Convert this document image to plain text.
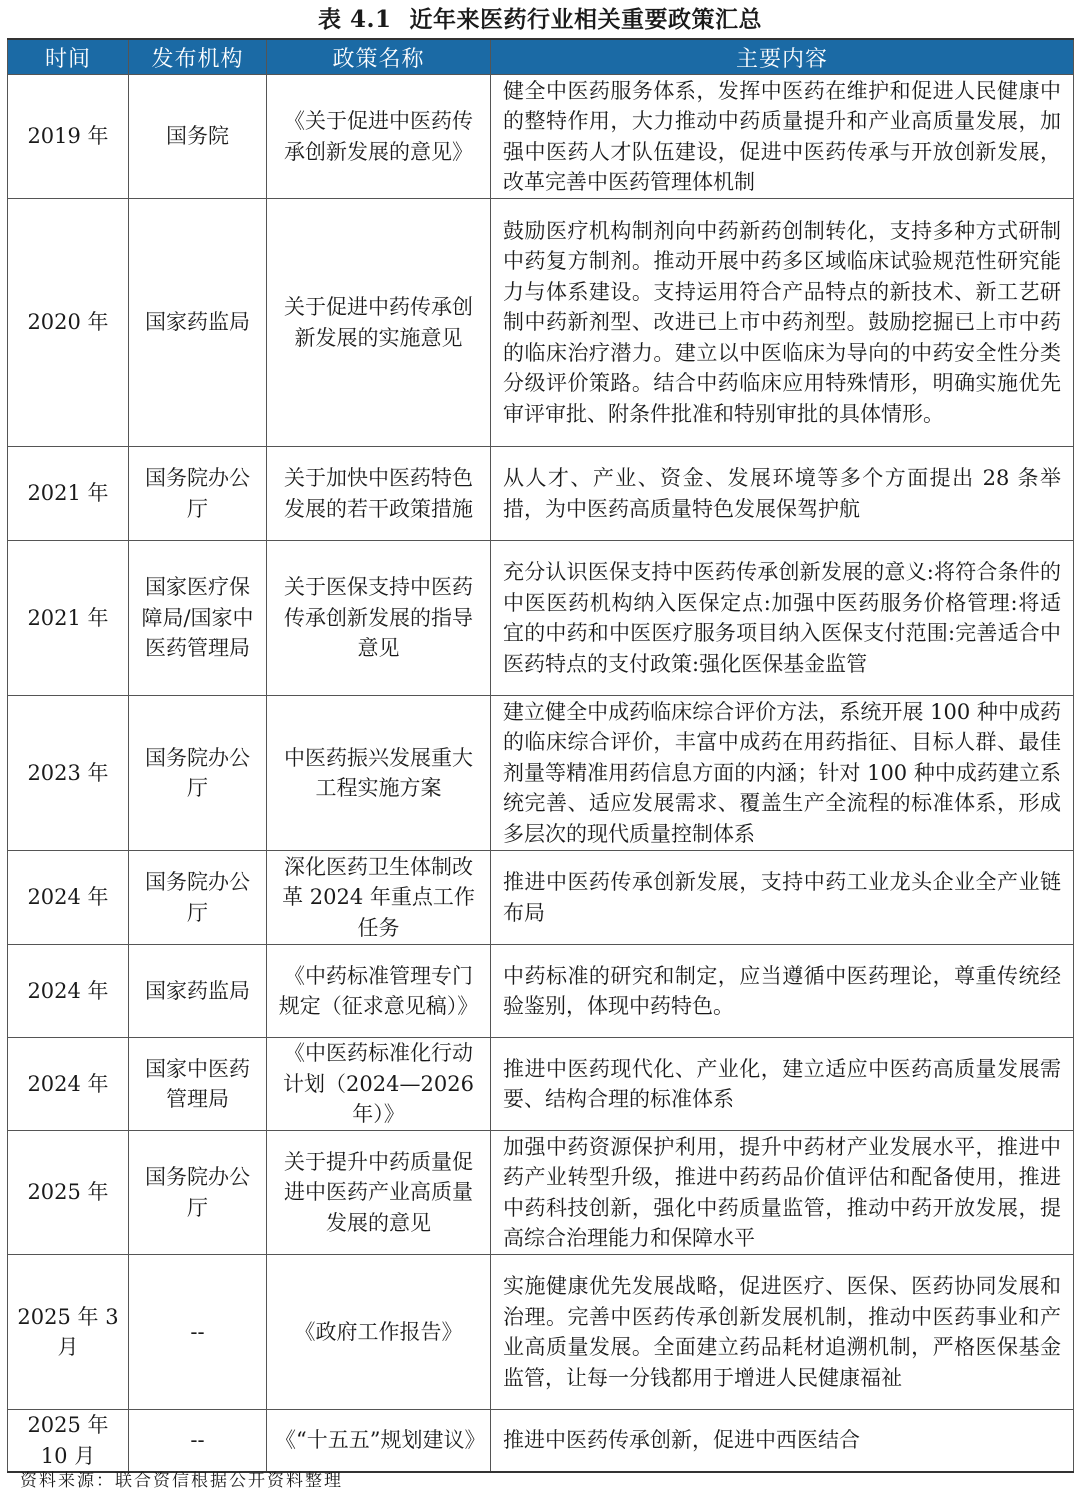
表 4.1 近年来医药行业相关重要政策汇总
时间	发布机构	政策名称	主要内容
2019 年	国务院	《关于促进中医药传承创新发展的意见》	健全中医药服务体系，发挥中医药在维护和促进人民健康中的整特作用，大力推动中药质量提升和产业高质量发展，加强中医药人才队伍建设，促进中医药传承与开放创新发展，改革完善中医药管理体机制
2020 年	国家药监局	关于促进中药传承创新发展的实施意见	鼓励医疗机构制剂向中药新药创制转化，支持多种方式研制中药复方制剂。推动开展中药多区域临床试验规范性研究能力与体系建设。支持运用符合产品特点的新技术、新工艺研制中药新剂型、改进已上市中药剂型。鼓励挖掘已上市中药的临床治疗潜力。建立以中医临床为导向的中药安全性分类分级评价策路。结合中药临床应用特殊情形，明确实施优先审评审批、附条件批准和特别审批的具体情形。
2021 年	国务院办公厅	关于加快中医药特色发展的若干政策措施	从人才、产业、资金、发展环境等多个方面提出 28 条举措，为中医药高质量特色发展保驾护航
2021 年	国家医疗保障局/国家中医药管理局	关于医保支持中医药传承创新发展的指导意见	充分认识医保支持中医药传承创新发展的意义:将符合条件的中医医药机构纳入医保定点:加强中医药服务价格管理:将适宜的中药和中医医疗服务项目纳入医保支付范围:完善适合中医药特点的支付政策:强化医保基金监管
2023 年	国务院办公厅	中医药振兴发展重大工程实施方案	建立健全中成药临床综合评价方法，系统开展 100 种中成药的临床综合评价，丰富中成药在用药指征、目标人群、最佳剂量等精准用药信息方面的内涵；针对 100 种中成药建立系统完善、适应发展需求、覆盖生产全流程的标准体系，形成多层次的现代质量控制体系
2024 年	国务院办公厅	深化医药卫生体制改革 2024 年重点工作任务	推进中医药传承创新发展，支持中药工业龙头企业全产业链布局
2024 年	国家药监局	《中药标准管理专门规定（征求意见稿）》	中药标准的研究和制定，应当遵循中医药理论，尊重传统经验鉴别，体现中药特色。
2024 年	国家中医药管理局	《中医药标准化行动计划（2024—2026 年）》	推进中医药现代化、产业化，建立适应中医药高质量发展需要、结构合理的标准体系
2025 年	国务院办公厅	关于提升中药质量促进中医药产业高质量发展的意见	加强中药资源保护利用，提升中药材产业发展水平，推进中药产业转型升级，推进中药药品价值评估和配备使用，推进中药科技创新，强化中药质量监管，推动中药开放发展，提高综合治理能力和保障水平
2025 年 3 月	--	《政府工作报告》	实施健康优先发展战略，促进医疗、医保、医药协同发展和治理。完善中医药传承创新发展机制，推动中医药事业和产业高质量发展。全面建立药品耗材追溯机制，严格医保基金监管，让每一分钱都用于增进人民健康福祉
2025 年 10 月	--	《“十五五”规划建议》	推进中医药传承创新，促进中西医结合
资料来源：联合资信根据公开资料整理
